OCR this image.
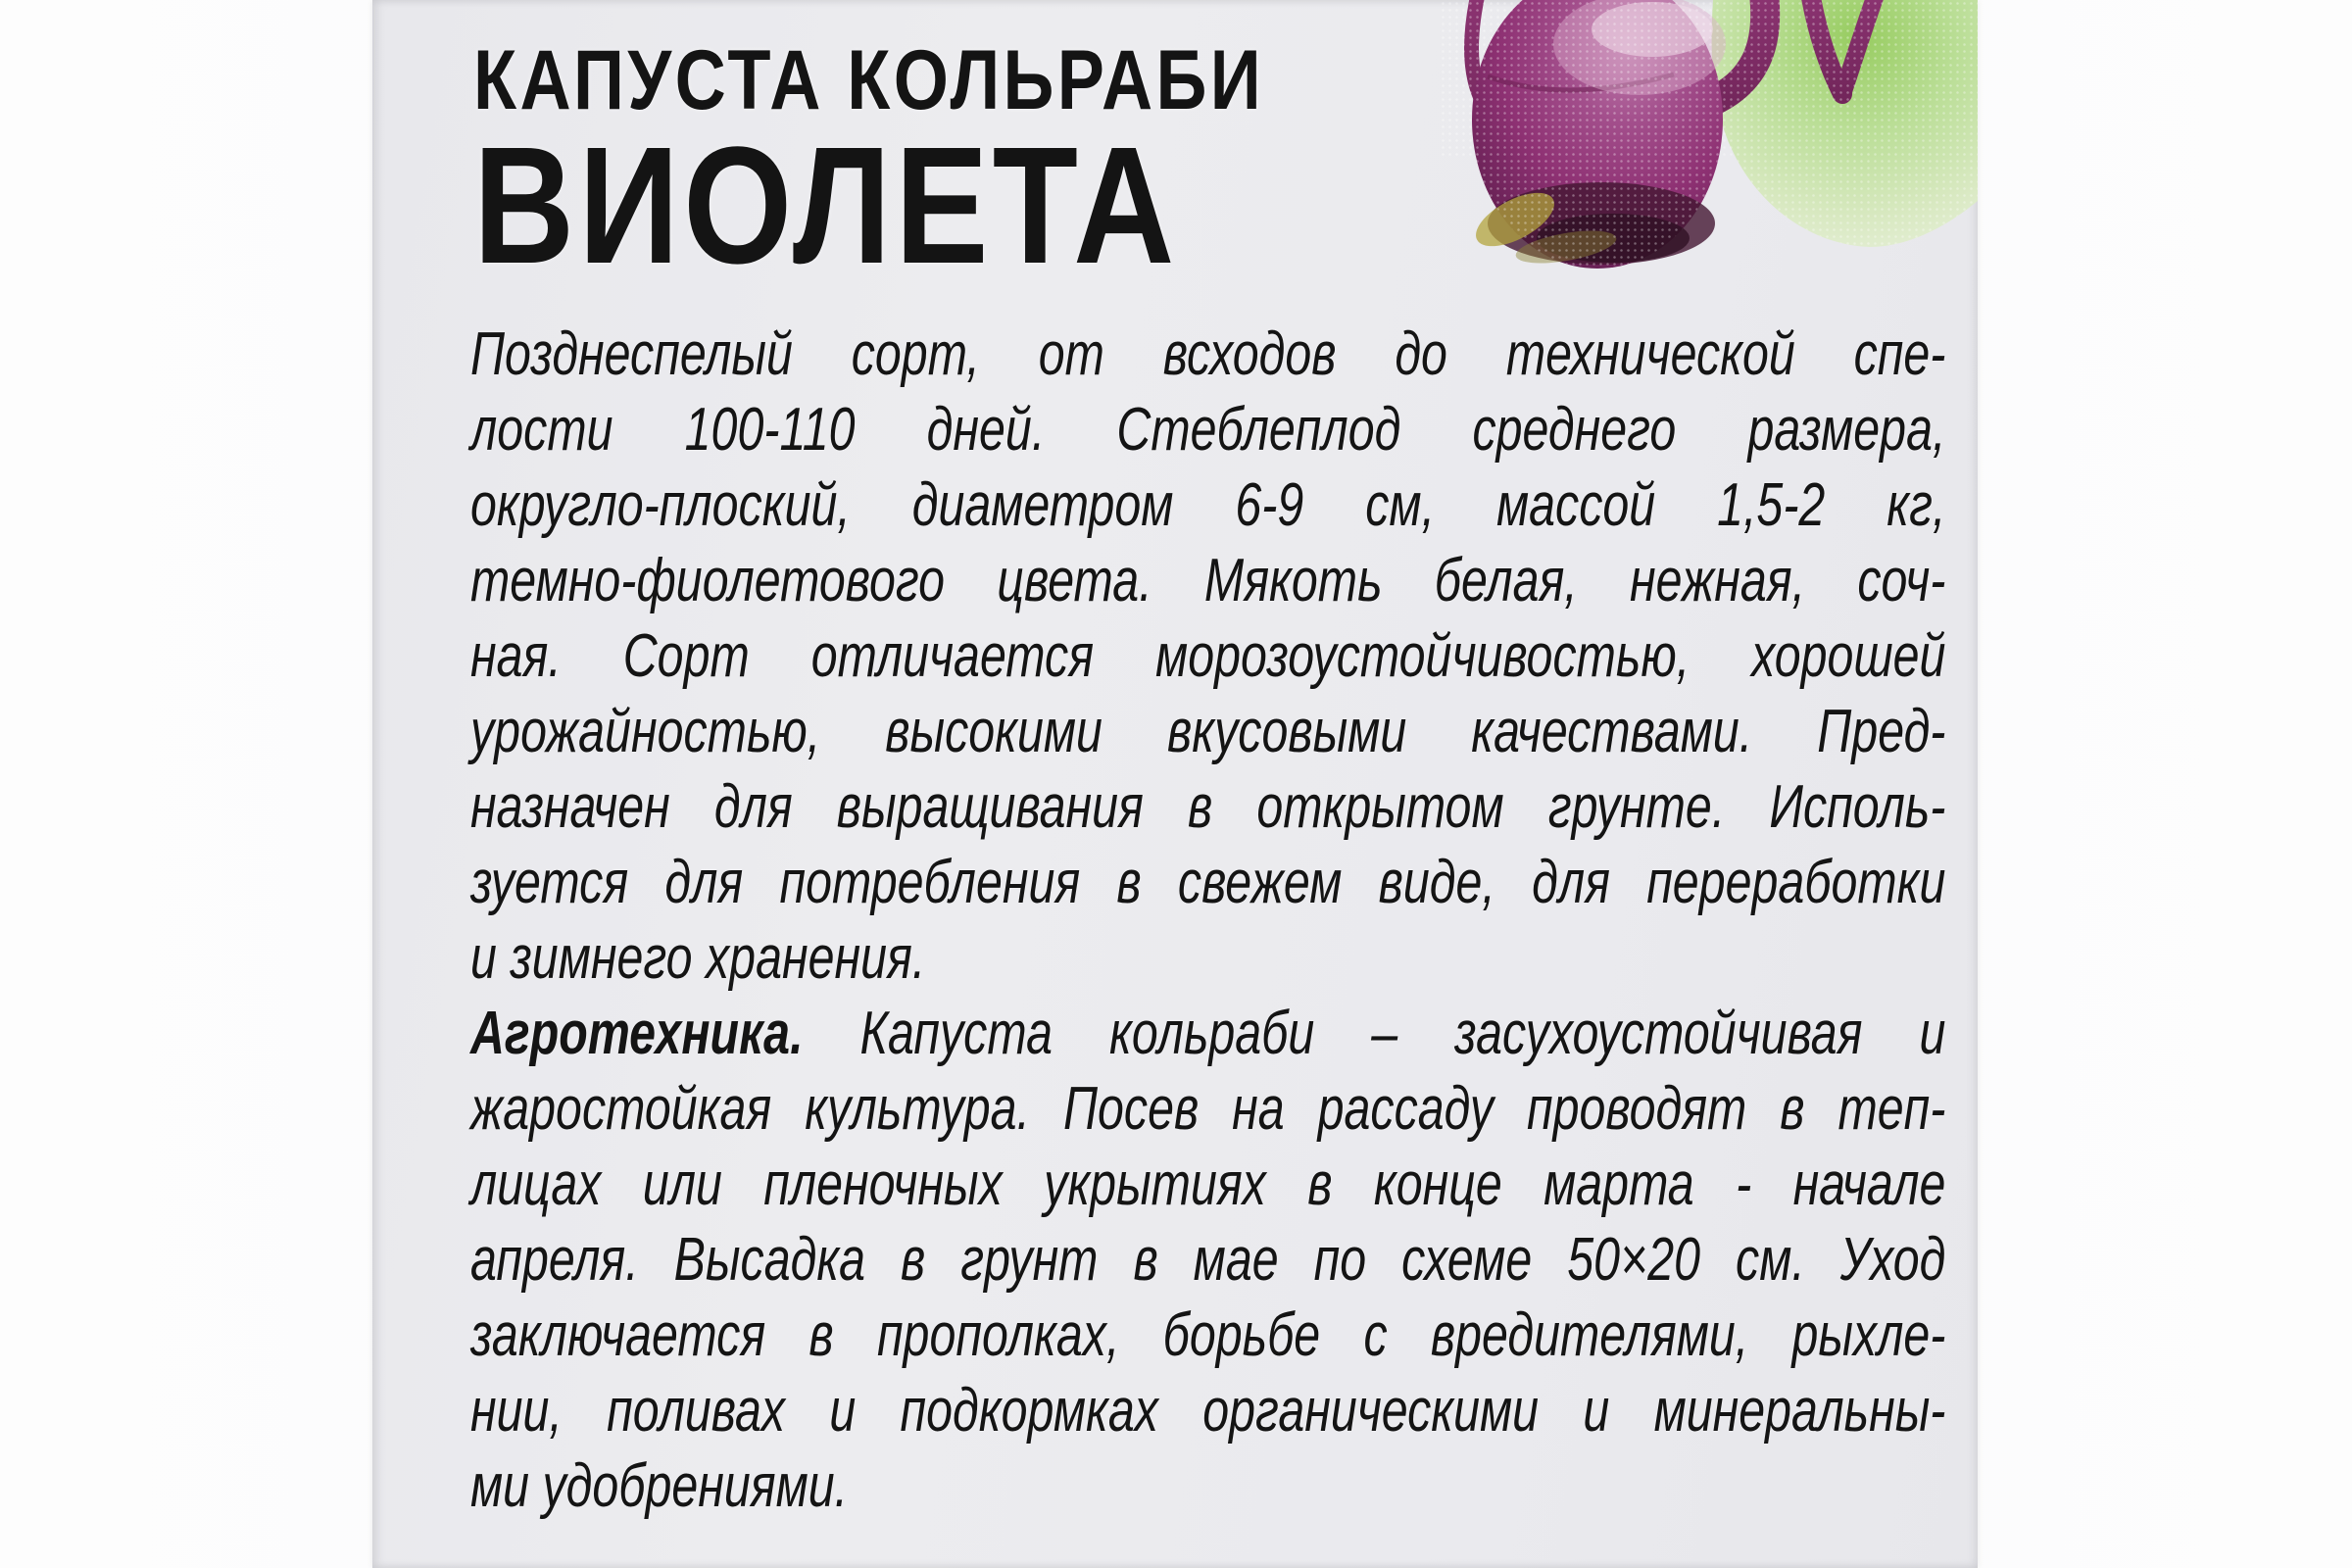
КАПУСТА КОЛЬРАБИ
ВИОЛЕТА
Позднеспелый сорт, от всходов до технической спе-
лости 100-110 дней. Стеблеплод среднего размера,
округло-плоский, диаметром 6-9 см, массой 1,5-2 кг,
темно-фиолетового цвета. Мякоть белая, нежная, соч-
ная. Сорт отличается морозоустойчивостью, хорошей
урожайностью, высокими вкусовыми качествами. Пред-
назначен для выращивания в открытом грунте. Исполь-
зуется для потребления в свежем виде, для переработки
и зимнего хранения.
Агротехника. Капуста кольраби – засухоустойчивая и
жаростойкая культура. Посев на рассаду проводят в теп-
лицах или пленочных укрытиях в конце марта - начале
апреля. Высадка в грунт в мае по схеме 50×20 см. Уход
заключается в прополках, борьбе с вредителями, рыхле-
нии, поливах и подкормках органическими и минеральны-
ми удобрениями.
